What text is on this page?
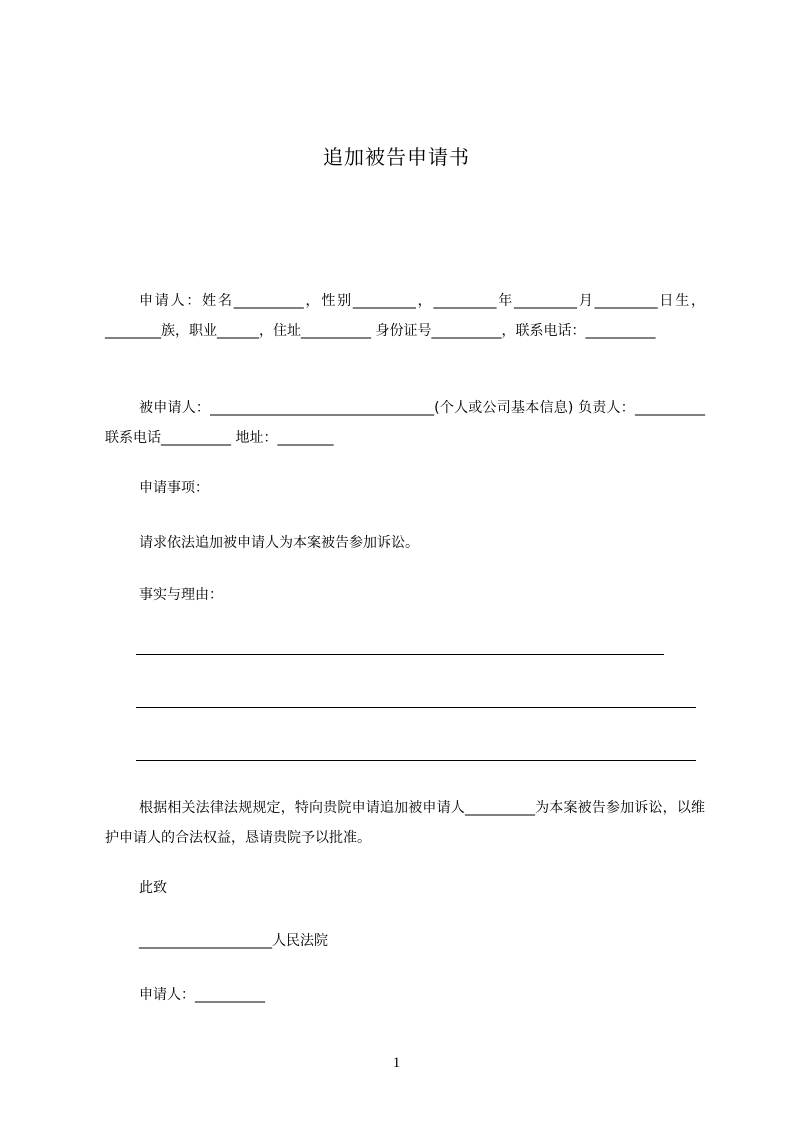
追加被告申请书
申请人：姓名__________，性别_________，_________年_________月_________日生，________族，职业______，住址__________ 身份证号__________，联系电话：__________
被申请人：________________________________(个人或公司基本信息) 负责人：__________联系电话__________ 地址：________
申请事项：
请求依法追加被申请人为本案被告参加诉讼。
事实与理由：
根据相关法律法规规定，特向贵院申请追加被申请人__________为本案被告参加诉讼，以维护申请人的合法权益，恳请贵院予以批准。
此致
___________________人民法院
申请人：__________
1
